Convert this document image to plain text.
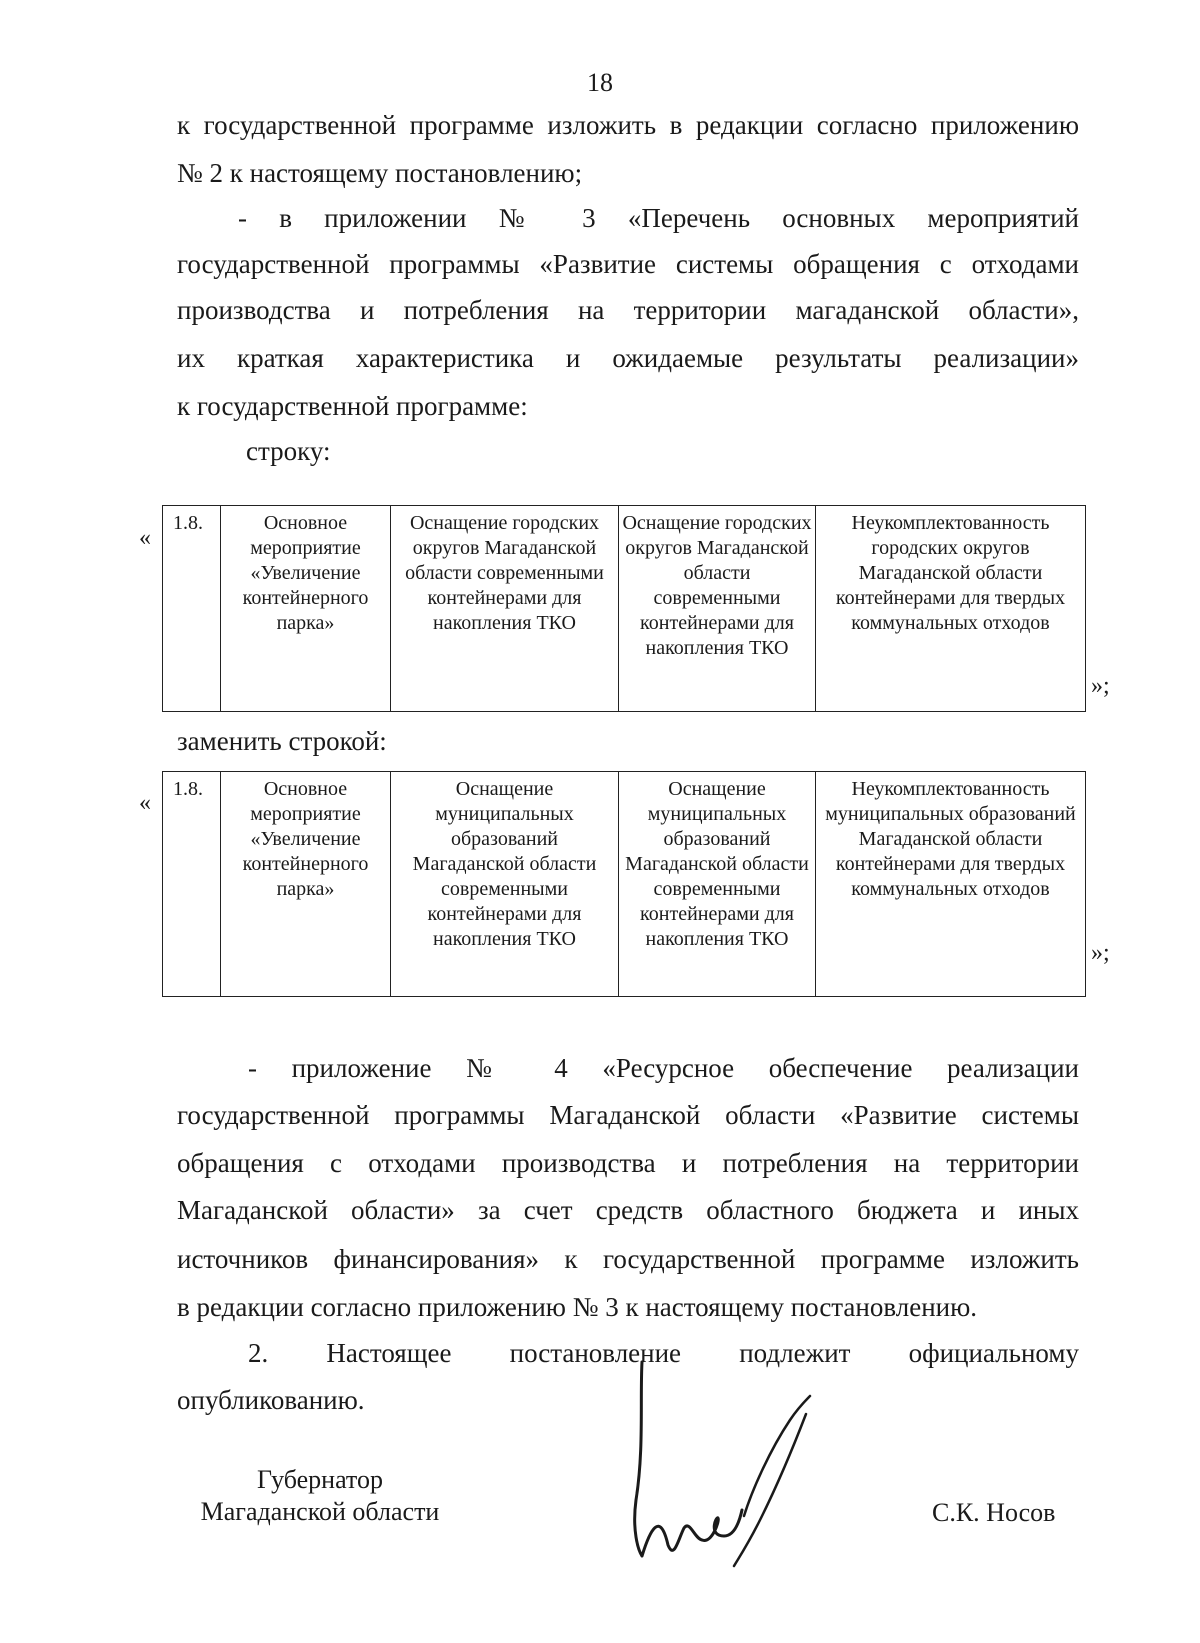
18
к государственной программе изложить в редакции согласно приложению
№ 2 к настоящему постановлению;
- в приложении № 3 «Перечень основных мероприятий
государственной программы «Развитие системы обращения с отходами
производства и потребления на территории магаданской области»,
их краткая характеристика и ожидаемые результаты реализации»
к государственной программе:
строку:
«
1.8.	Основное мероприятие «Увеличение контейнерного парка»	Оснащение городских округов Магаданской области современными контейнерами для накопления ТКО	Оснащение городских округов Магаданской области современными контейнерами для накопления ТКО	Неукомплектованность городских округов Магаданской области контейнерами для твердых коммунальных отходов
»;
заменить строкой:
«
1.8.	Основное мероприятие «Увеличение контейнерного парка»	Оснащение муниципальных образований Магаданской области современными контейнерами для накопления ТКО	Оснащение муниципальных образований Магаданской области современными контейнерами для накопления ТКО	Неукомплектованность муниципальных образований Магаданской области контейнерами для твердых коммунальных отходов
»;
- приложение № 4 «Ресурсное обеспечение реализации
государственной программы Магаданской области «Развитие системы
обращения с отходами производства и потребления на территории
Магаданской области» за счет средств областного бюджета и иных
источников финансирования» к государственной программе изложить
в редакции согласно приложению № 3 к настоящему постановлению.
2. Настоящее постановление подлежит официальному
опубликованию.
Губернатор
Магаданской области	С.К. Носов
